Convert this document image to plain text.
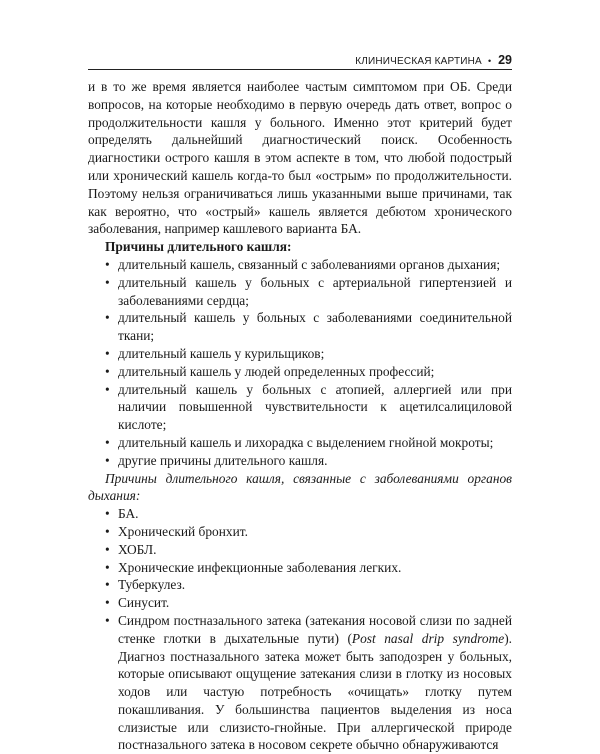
КЛИНИЧЕСКАЯ КАРТИНА • 29

и в то же время является наиболее частым симптомом при ОБ. Среди вопросов, на которые необходимо в первую очередь дать ответ, вопрос о продолжительности кашля у больного. Именно этот критерий будет определять дальнейший диагностический поиск. Особенность диагностики острого кашля в этом аспекте в том, что любой подострый или хронический кашель когда-то был «острым» по продолжительности. Поэтому нельзя ограничиваться лишь указанными выше причинами, так как вероятно, что «острый» кашель является дебютом хронического заболевания, например кашлевого варианта БА.

Причины длительного кашля:

• длительный кашель, связанный с заболеваниями органов дыхания;
• длительный кашель у больных с артериальной гипертензией и заболеваниями сердца;
• длительный кашель у больных с заболеваниями соединительной ткани;
• длительный кашель у курильщиков;
• длительный кашель у людей определенных профессий;
• длительный кашель у больных с атопией, аллергией или при наличии повышенной чувствительности к ацетилсалициловой кислоте;
• длительный кашель и лихорадка с выделением гнойной мокроты;
• другие причины длительного кашля.

Причины длительного кашля, связанные с заболеваниями органов дыхания:

• БА.
• Хронический бронхит.
• ХОБЛ.
• Хронические инфекционные заболевания легких.
• Туберкулез.
• Синусит.
• Синдром постназального затека (затекания носовой слизи по задней стенке глотки в дыхательные пути) (Post nasal drip syndrome). Диагноз постназального затека может быть заподозрен у больных, которые описывают ощущение затекания слизи в глотку из носовых ходов или частую потребность «очищать» глотку путем покашливания. У большинства пациентов выделения из носа слизистые или слизисто-гнойные. При аллергической природе постназального затека в носовом секрете обычно обнаруживаются
